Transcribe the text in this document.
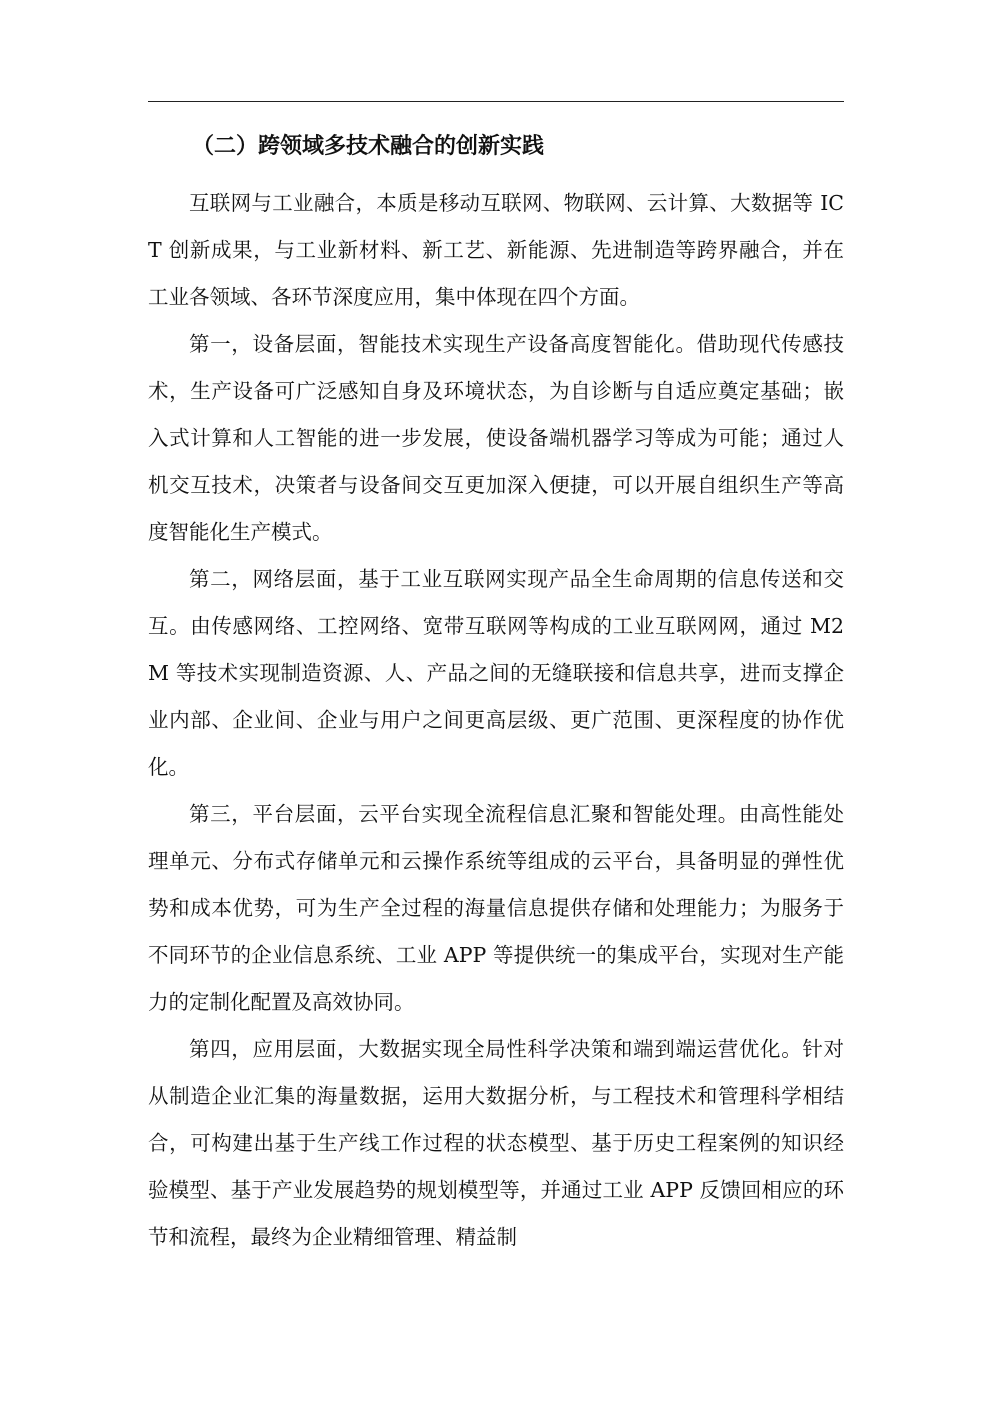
（二）跨领域多技术融合的创新实践

互联网与工业融合，本质是移动互联网、物联网、云计算、大数据等 ICT 创新成果，与工业新材料、新工艺、新能源、先进制造等跨界融合，并在工业各领域、各环节深度应用，集中体现在四个方面。

第一，设备层面，智能技术实现生产设备高度智能化。借助现代传感技术，生产设备可广泛感知自身及环境状态，为自诊断与自适应奠定基础；嵌入式计算和人工智能的进一步发展，使设备端机器学习等成为可能；通过人机交互技术，决策者与设备间交互更加深入便捷，可以开展自组织生产等高度智能化生产模式。

第二，网络层面，基于工业互联网实现产品全生命周期的信息传送和交互。由传感网络、工控网络、宽带互联网等构成的工业互联网网，通过 M2M 等技术实现制造资源、人、产品之间的无缝联接和信息共享，进而支撑企业内部、企业间、企业与用户之间更高层级、更广范围、更深程度的协作优化。

第三，平台层面，云平台实现全流程信息汇聚和智能处理。由高性能处理单元、分布式存储单元和云操作系统等组成的云平台，具备明显的弹性优势和成本优势，可为生产全过程的海量信息提供存储和处理能力；为服务于不同环节的企业信息系统、工业 APP 等提供统一的集成平台，实现对生产能力的定制化配置及高效协同。

第四，应用层面，大数据实现全局性科学决策和端到端运营优化。针对从制造企业汇集的海量数据，运用大数据分析，与工程技术和管理科学相结合，可构建出基于生产线工作过程的状态模型、基于历史工程案例的知识经验模型、基于产业发展趋势的规划模型等，并通过工业 APP 反馈回相应的环节和流程，最终为企业精细管理、精益制
